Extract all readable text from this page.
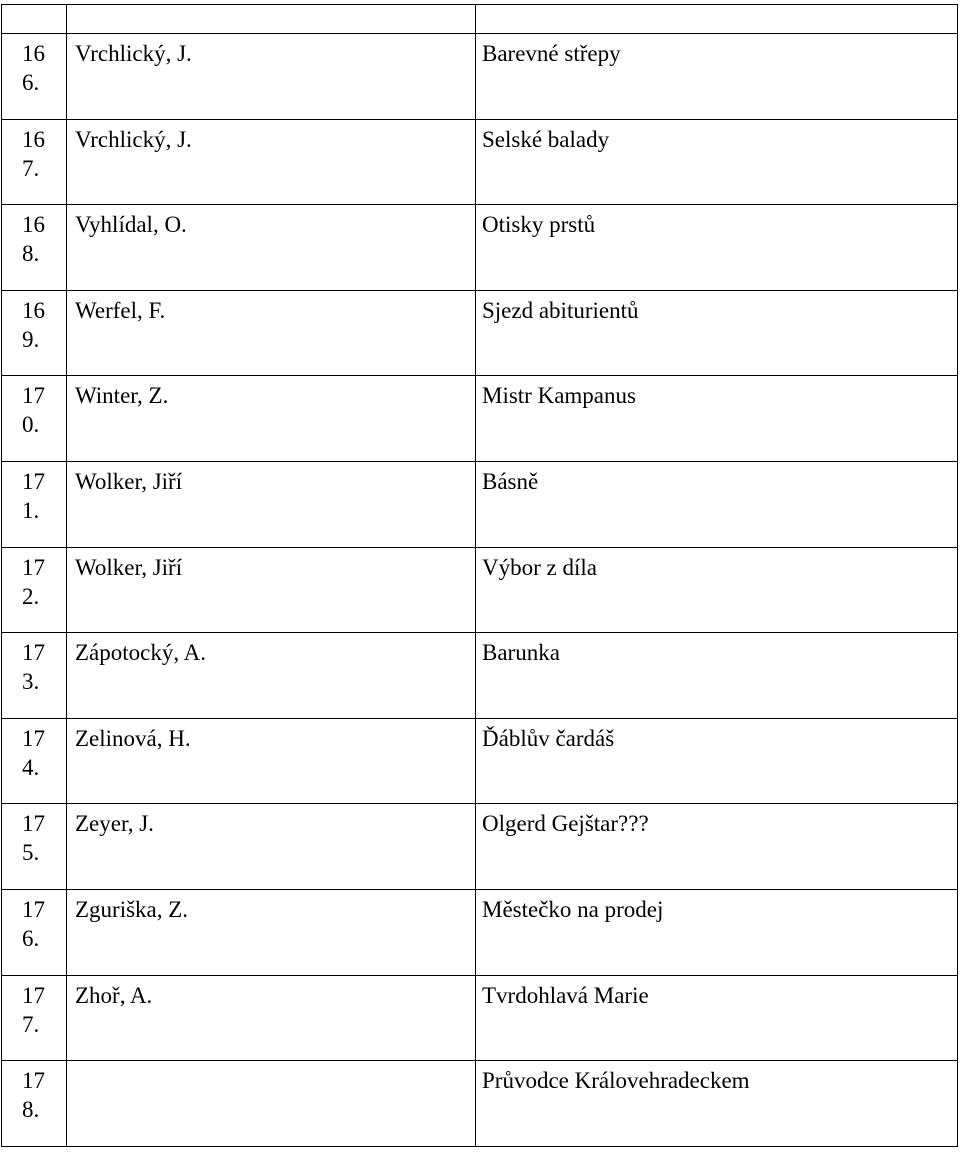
166.	Vrchlický, J.	Barevné střepy

167.	Vrchlický, J.	Selské balady

168.	Vyhlídal, O.	Otisky prstů

169.	Werfel, F.	Sjezd abiturientů

170.	Winter, Z.	Mistr Kampanus

171.	Wolker, Jiří	Básně

172.	Wolker, Jiří	Výbor z díla

173.	Zápotocký, A.	Barunka

174.	Zelinová, H.	Ďáblův čardáš

175.	Zeyer, J.	Olgerd Gejštar???

176.	Zguriška, Z.	Městečko na prodej

177.	Zhoř, A.	Tvrdohlavá Marie

178.		Průvodce Královehradeckem
